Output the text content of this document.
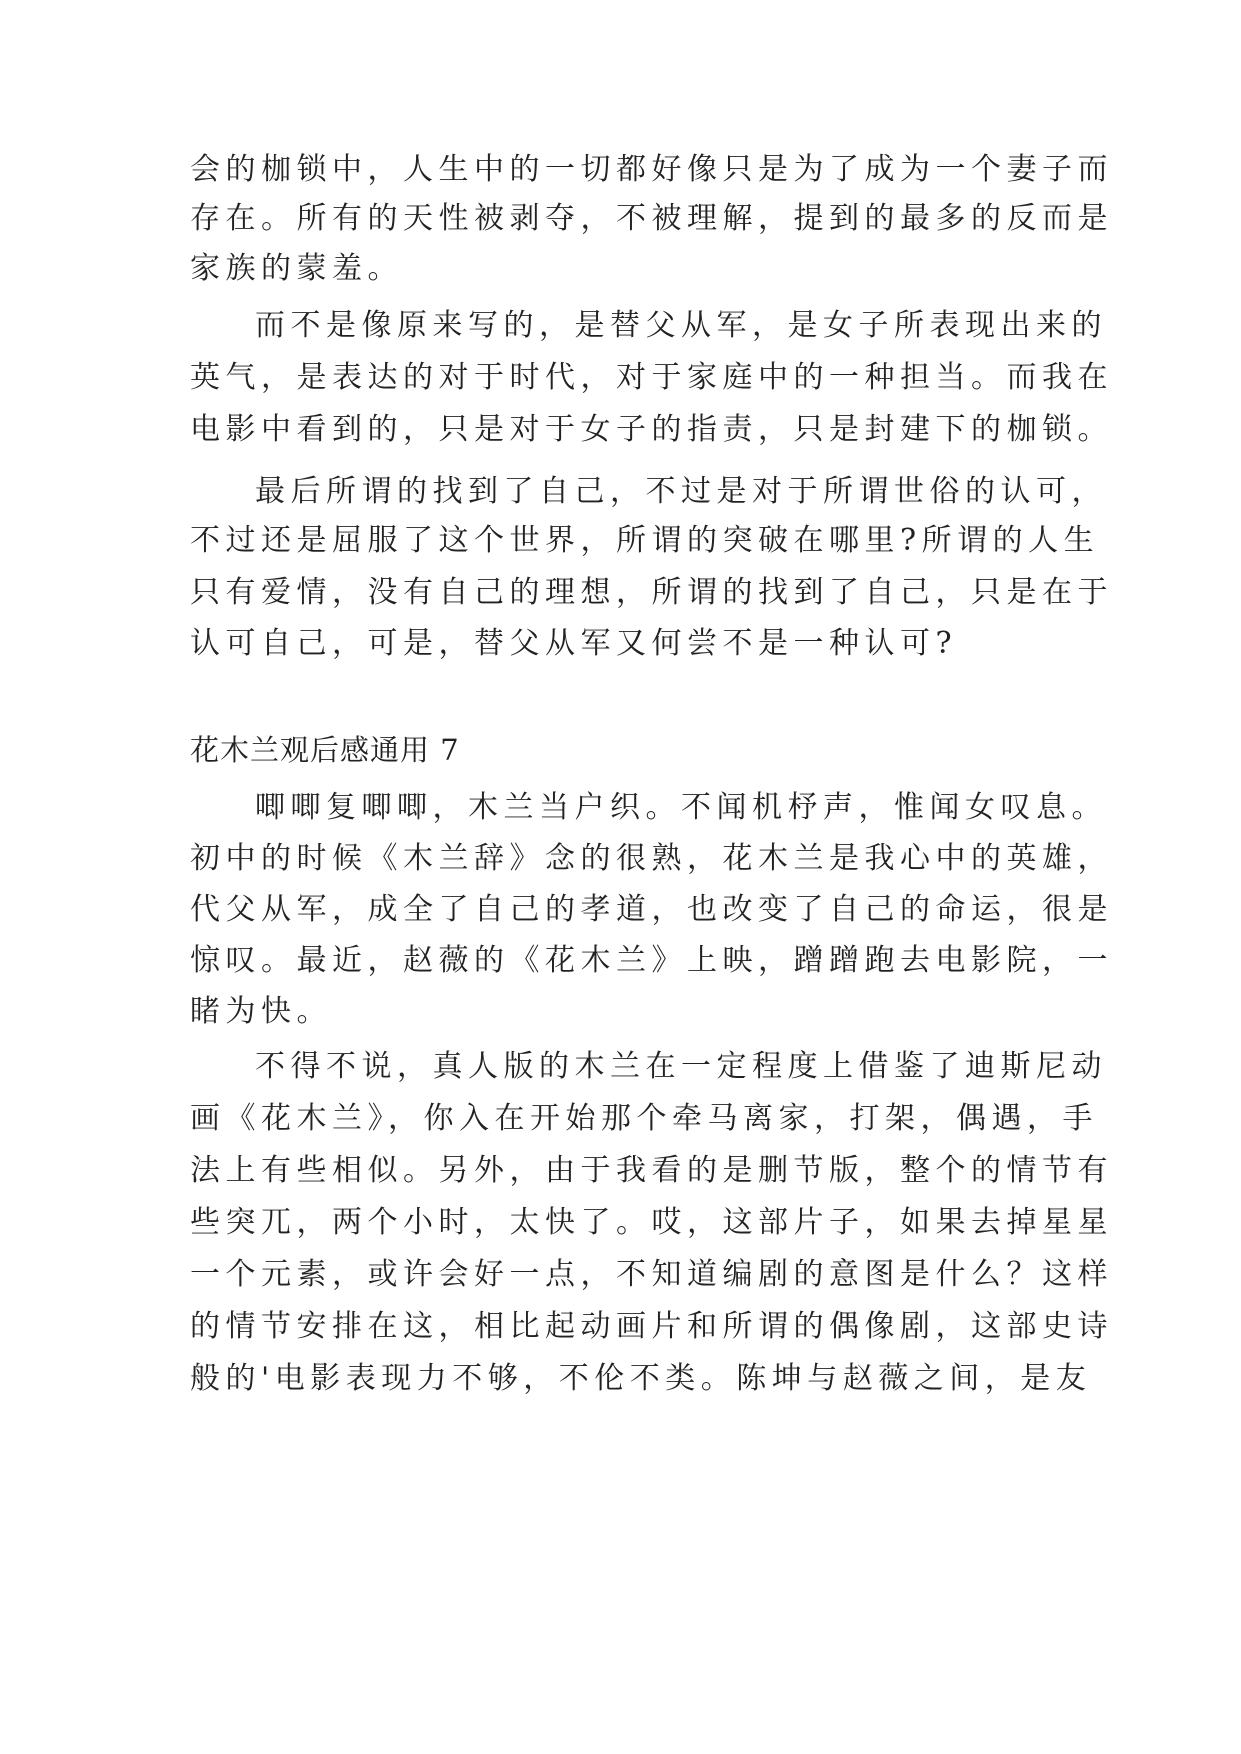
会的枷锁中，人生中的一切都好像只是为了成为一个妻子而
存在。所有的天性被剥夺，不被理解，提到的最多的反而是
家族的蒙羞。
而不是像原来写的，是替父从军，是女子所表现出来的
英气，是表达的对于时代，对于家庭中的一种担当。而我在
电影中看到的，只是对于女子的指责，只是封建下的枷锁。
最后所谓的找到了自己，不过是对于所谓世俗的认可，
不过还是屈服了这个世界，所谓的突破在哪里?所谓的人生
只有爱情，没有自己的理想，所谓的找到了自己，只是在于
认可自己，可是，替父从军又何尝不是一种认可?
花木兰观后感通用 7
唧唧复唧唧，木兰当户织。不闻机杼声，惟闻女叹息。
初中的时候《木兰辞》念的很熟，花木兰是我心中的英雄，
代父从军，成全了自己的孝道，也改变了自己的命运，很是
惊叹。最近，赵薇的《花木兰》上映，蹭蹭跑去电影院，一
睹为快。
不得不说，真人版的木兰在一定程度上借鉴了迪斯尼动
画《花木兰》，你入在开始那个牵马离家，打架，偶遇，手
法上有些相似。另外，由于我看的是删节版，整个的情节有
些突兀，两个小时，太快了。哎，这部片子，如果去掉星星
一个元素，或许会好一点，不知道编剧的意图是什么？这样
的情节安排在这，相比起动画片和所谓的偶像剧，这部史诗
般的'电影表现力不够，不伦不类。陈坤与赵薇之间，是友
